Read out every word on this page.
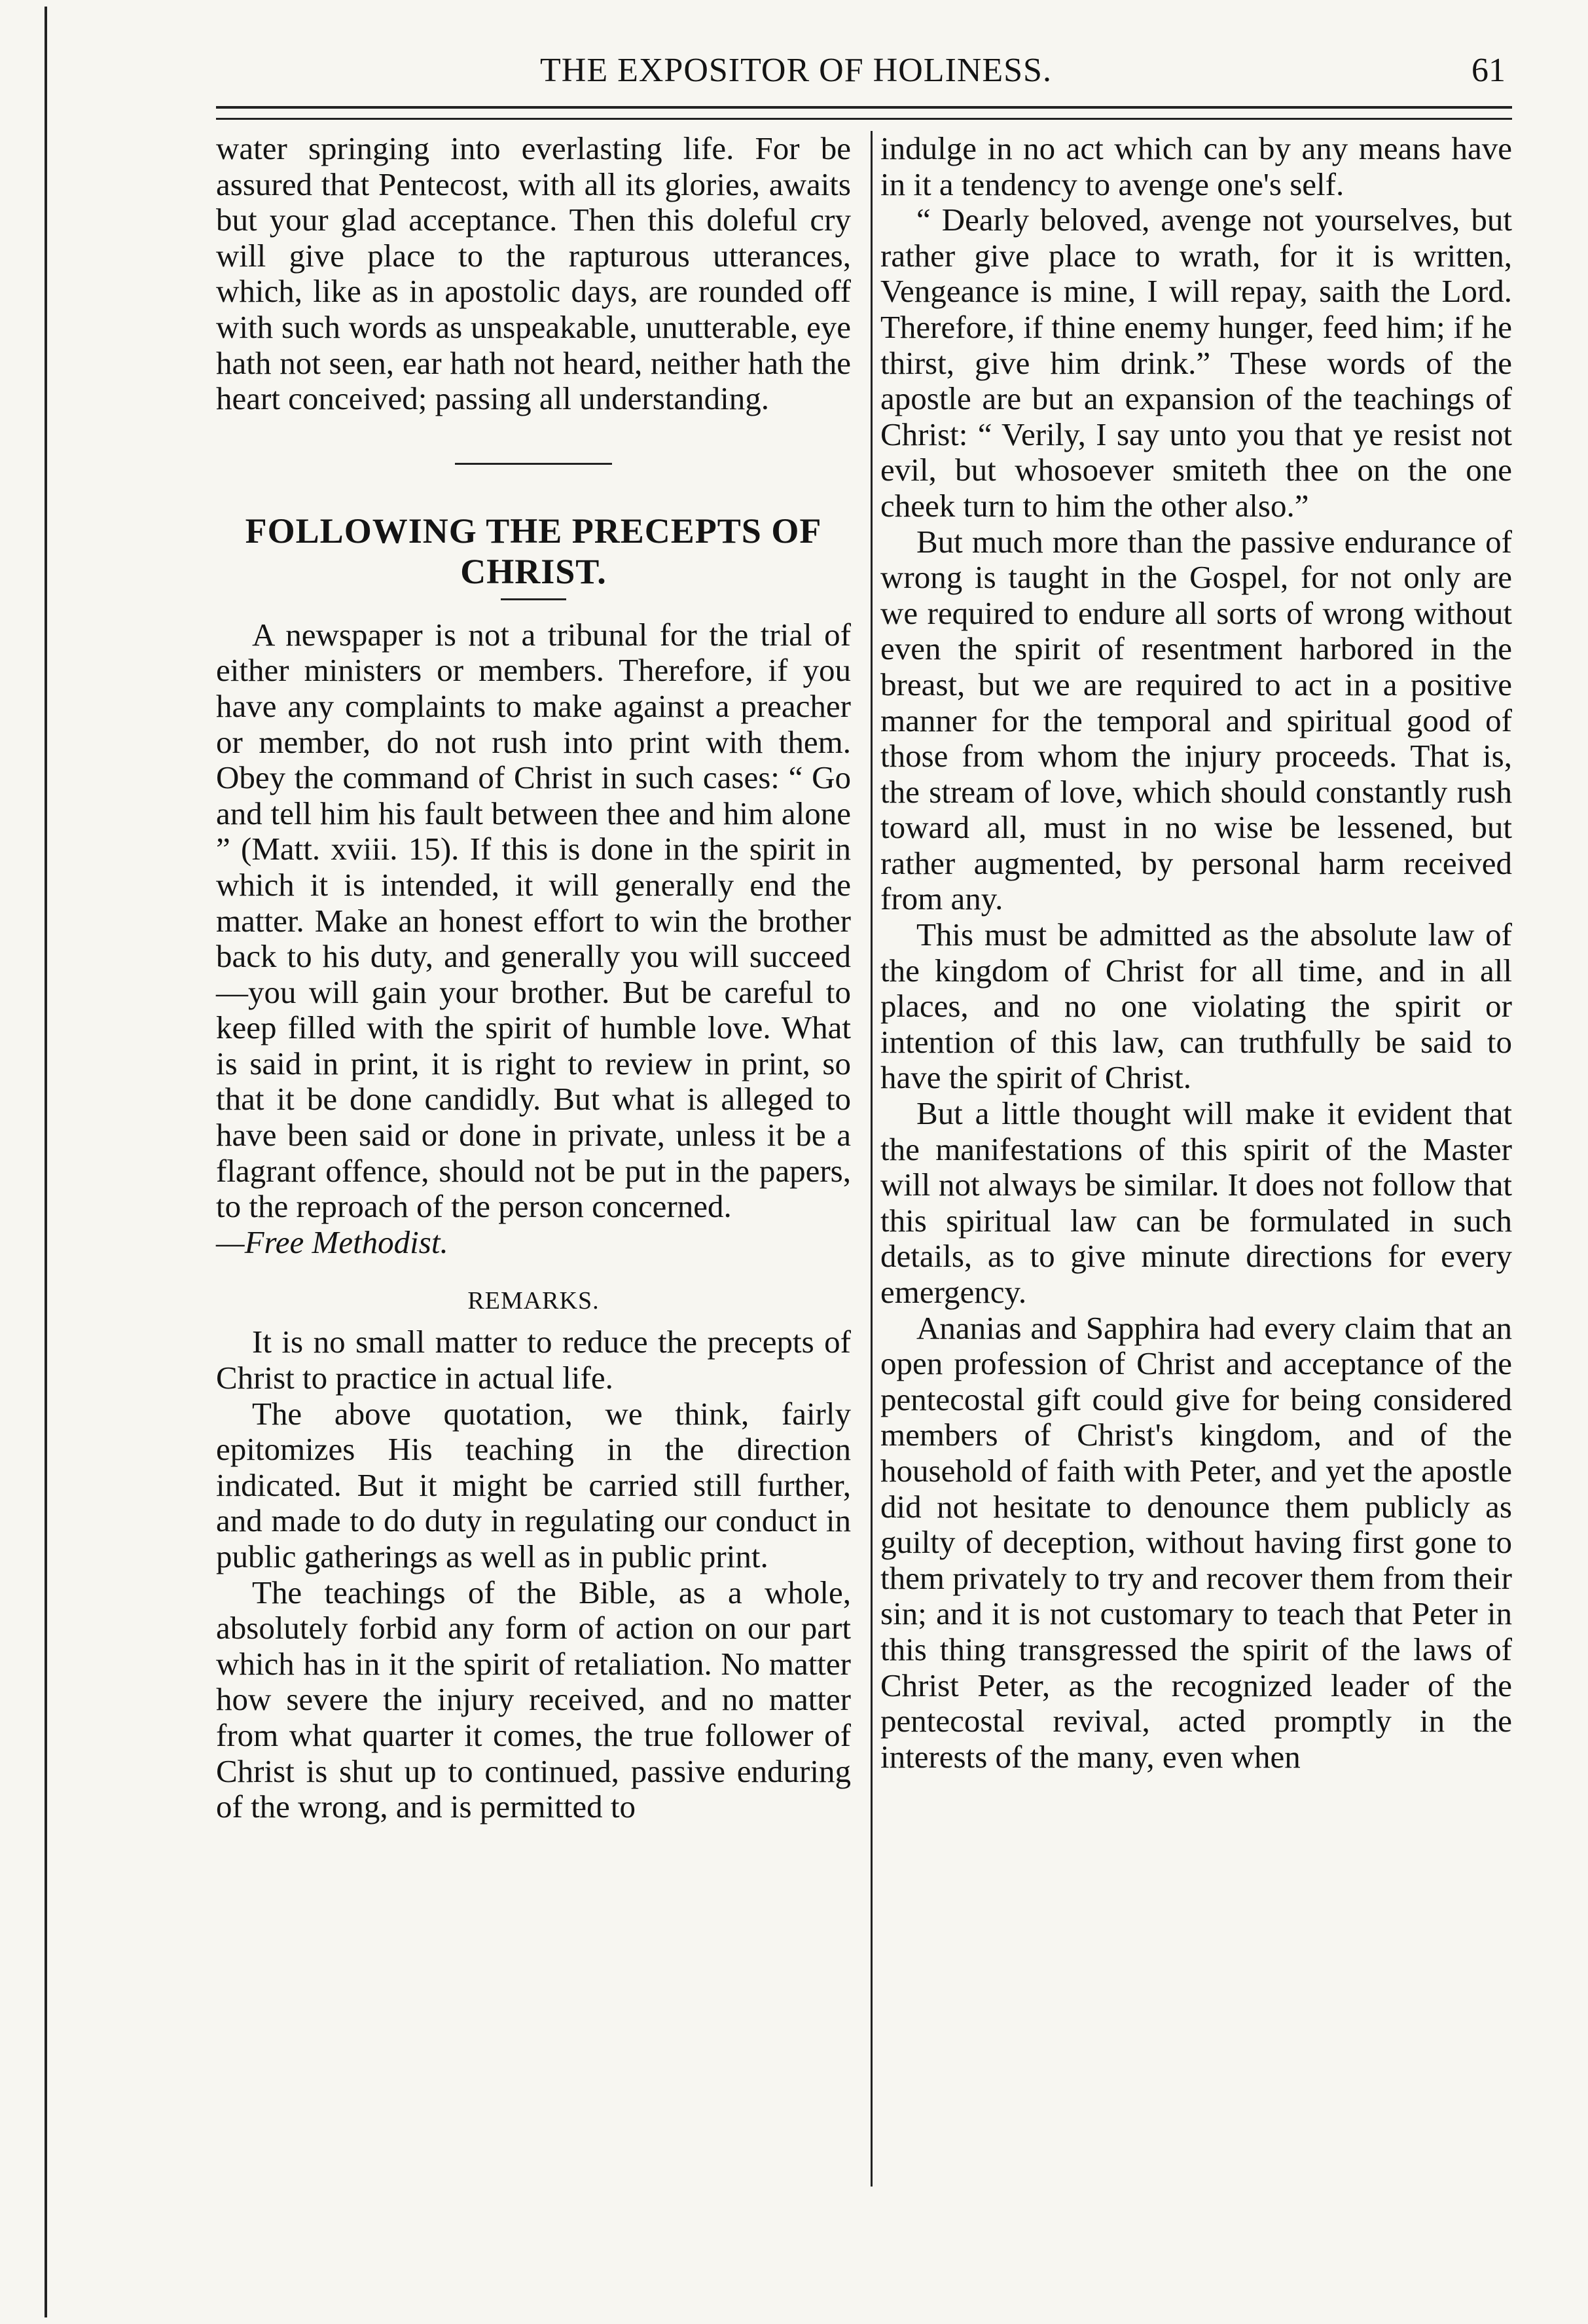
THE EXPOSITOR OF HOLINESS.	61

water springing into everlasting life. For be assured that Pentecost, with all its glories, awaits but your glad acceptance. Then this doleful cry will give place to the rapturous utterances, which, like as in apostolic days, are rounded off with such words as unspeakable, unutterable, eye hath not seen, ear hath not heard, neither hath the heart conceived; passing all understanding.

FOLLOWING THE PRECEPTS OF CHRIST.

A newspaper is not a tribunal for the trial of either ministers or members. Therefore, if you have any complaints to make against a preacher or member, do not rush into print with them. Obey the command of Christ in such cases: “ Go and tell him his fault between thee and him alone ” (Matt. xviii. 15). If this is done in the spirit in which it is intended, it will generally end the matter. Make an honest effort to win the brother back to his duty, and generally you will succeed—you will gain your brother. But be careful to keep filled with the spirit of humble love. What is said in print, it is right to review in print, so that it be done candidly. But what is alleged to have been said or done in private, unless it be a flagrant offence, should not be put in the papers, to the reproach of the person concerned.
—Free Methodist.

REMARKS.

It is no small matter to reduce the precepts of Christ to practice in actual life.

The above quotation, we think, fairly epitomizes His teaching in the direction indicated. But it might be carried still further, and made to do duty in regulating our conduct in public gatherings as well as in public print.

The teachings of the Bible, as a whole, absolutely forbid any form of action on our part which has in it the spirit of retaliation. No matter how severe the injury received, and no matter from what quarter it comes, the true follower of Christ is shut up to continued, passive enduring of the wrong, and is permitted to

indulge in no act which can by any means have in it a tendency to avenge one's self.

“ Dearly beloved, avenge not yourselves, but rather give place to wrath, for it is written, Vengeance is mine, I will repay, saith the Lord. Therefore, if thine enemy hunger, feed him; if he thirst, give him drink.” These words of the apostle are but an expansion of the teachings of Christ: “ Verily, I say unto you that ye resist not evil, but whosoever smiteth thee on the one cheek turn to him the other also.”

But much more than the passive endurance of wrong is taught in the Gospel, for not only are we required to endure all sorts of wrong without even the spirit of resentment harbored in the breast, but we are required to act in a positive manner for the temporal and spiritual good of those from whom the injury proceeds. That is, the stream of love, which should constantly rush toward all, must in no wise be lessened, but rather augmented, by personal harm received from any.

This must be admitted as the absolute law of the kingdom of Christ for all time, and in all places, and no one violating the spirit or intention of this law, can truthfully be said to have the spirit of Christ.

But a little thought will make it evident that the manifestations of this spirit of the Master will not always be similar. It does not follow that this spiritual law can be formulated in such details, as to give minute directions for every emergency.

Ananias and Sapphira had every claim that an open profession of Christ and acceptance of the pentecostal gift could give for being considered members of Christ's kingdom, and of the household of faith with Peter, and yet the apostle did not hesitate to denounce them publicly as guilty of deception, without having first gone to them privately to try and recover them from their sin; and it is not customary to teach that Peter in this thing transgressed the spirit of the laws of Christ Peter, as the recognized leader of the pentecostal revival, acted promptly in the interests of the many, even when
